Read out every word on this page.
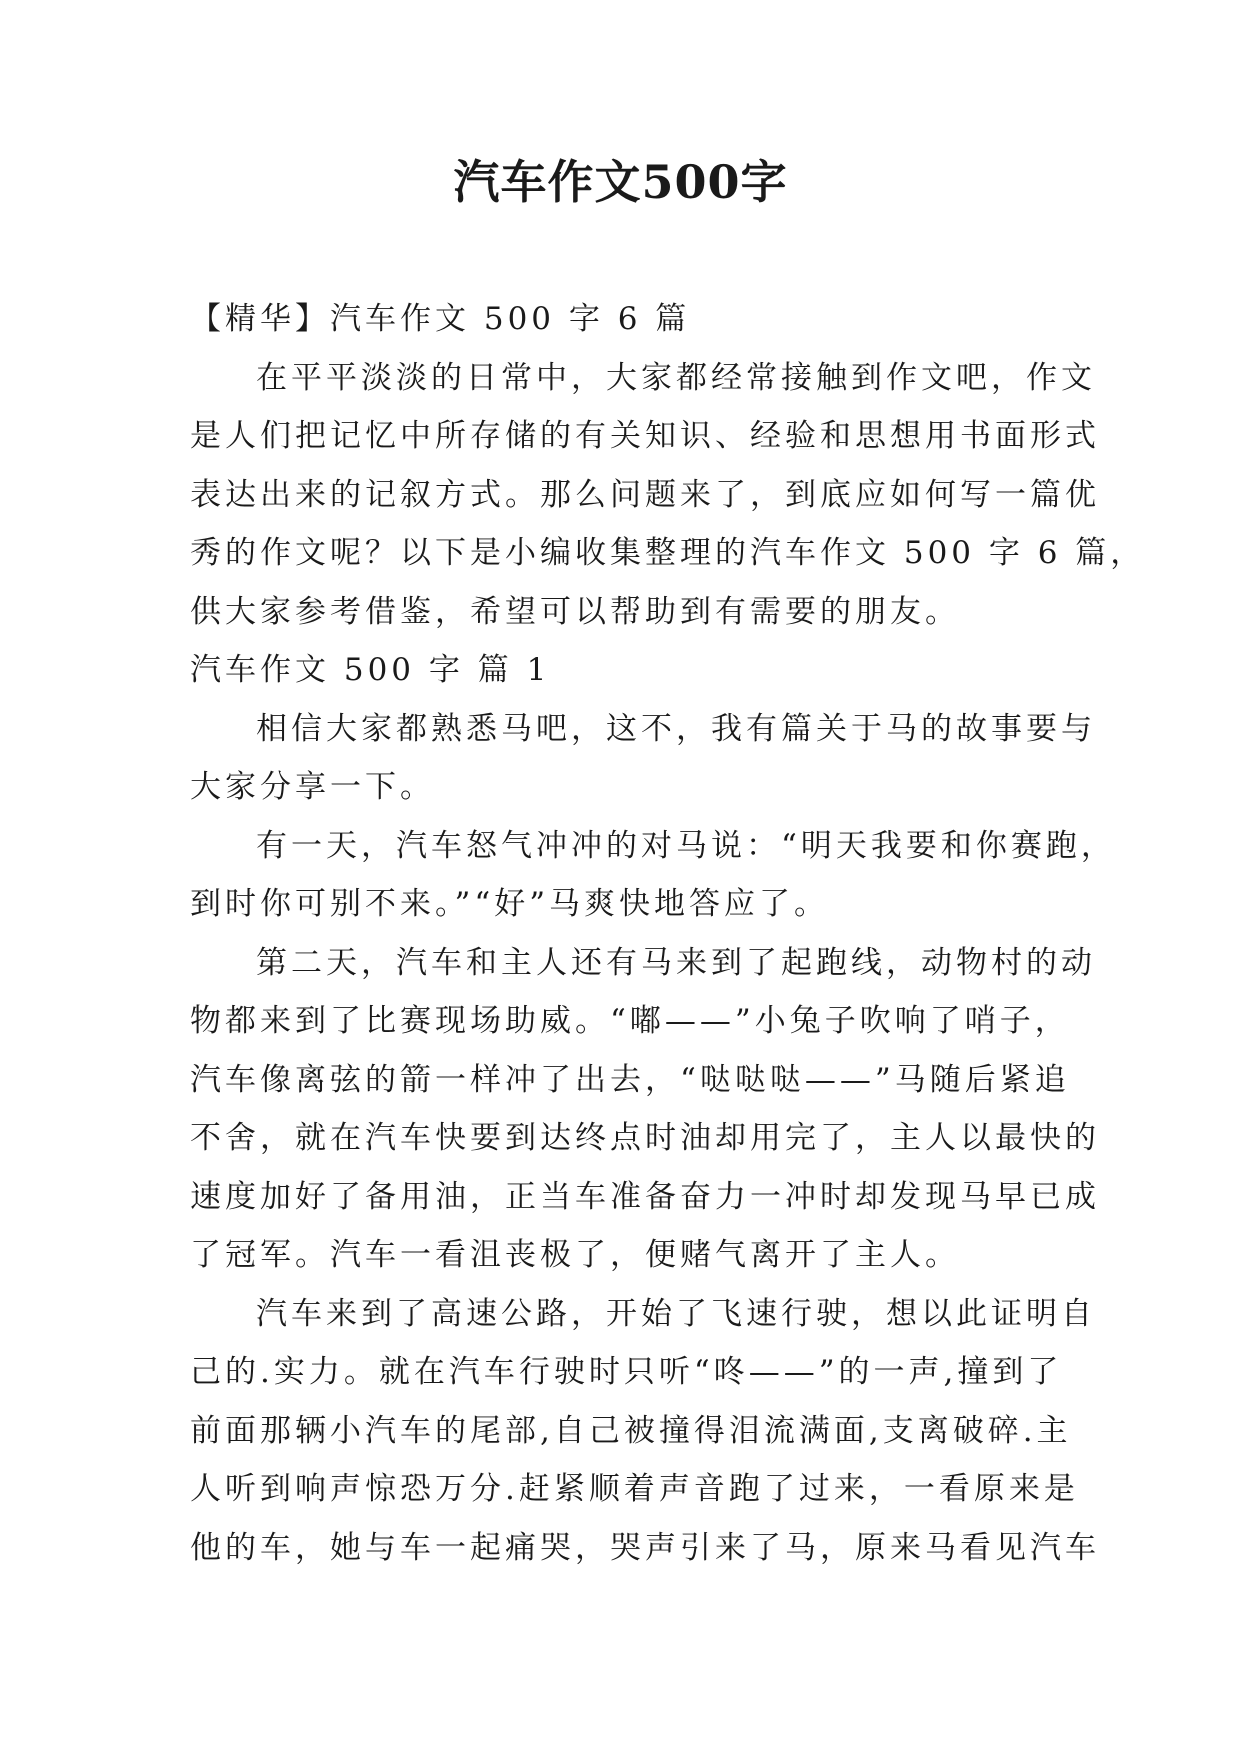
汽车作文500字
【精华】汽车作文 500 字 6 篇
在平平淡淡的日常中，大家都经常接触到作文吧，作文
是人们把记忆中所存储的有关知识、经验和思想用书面形式
表达出来的记叙方式。那么问题来了，到底应如何写一篇优
秀的作文呢？以下是小编收集整理的汽车作文 500 字 6 篇，
供大家参考借鉴，希望可以帮助到有需要的朋友。
汽车作文 500 字 篇 1
相信大家都熟悉马吧，这不，我有篇关于马的故事要与
大家分享一下。
有一天，汽车怒气冲冲的对马说：“明天我要和你赛跑，
到时你可别不来。”“好”马爽快地答应了。
第二天，汽车和主人还有马来到了起跑线，动物村的动
物都来到了比赛现场助威。“嘟——”小兔子吹响了哨子，
汽车像离弦的箭一样冲了出去，“哒哒哒——”马随后紧追
不舍，就在汽车快要到达终点时油却用完了，主人以最快的
速度加好了备用油，正当车准备奋力一冲时却发现马早已成
了冠军。汽车一看沮丧极了，便赌气离开了主人。
汽车来到了高速公路，开始了飞速行驶，想以此证明自
己的.实力。就在汽车行驶时只听“咚——”的一声,撞到了
前面那辆小汽车的尾部,自己被撞得泪流满面,支离破碎.主
人听到响声惊恐万分.赶紧顺着声音跑了过来，一看原来是
他的车，她与车一起痛哭，哭声引来了马，原来马看见汽车
